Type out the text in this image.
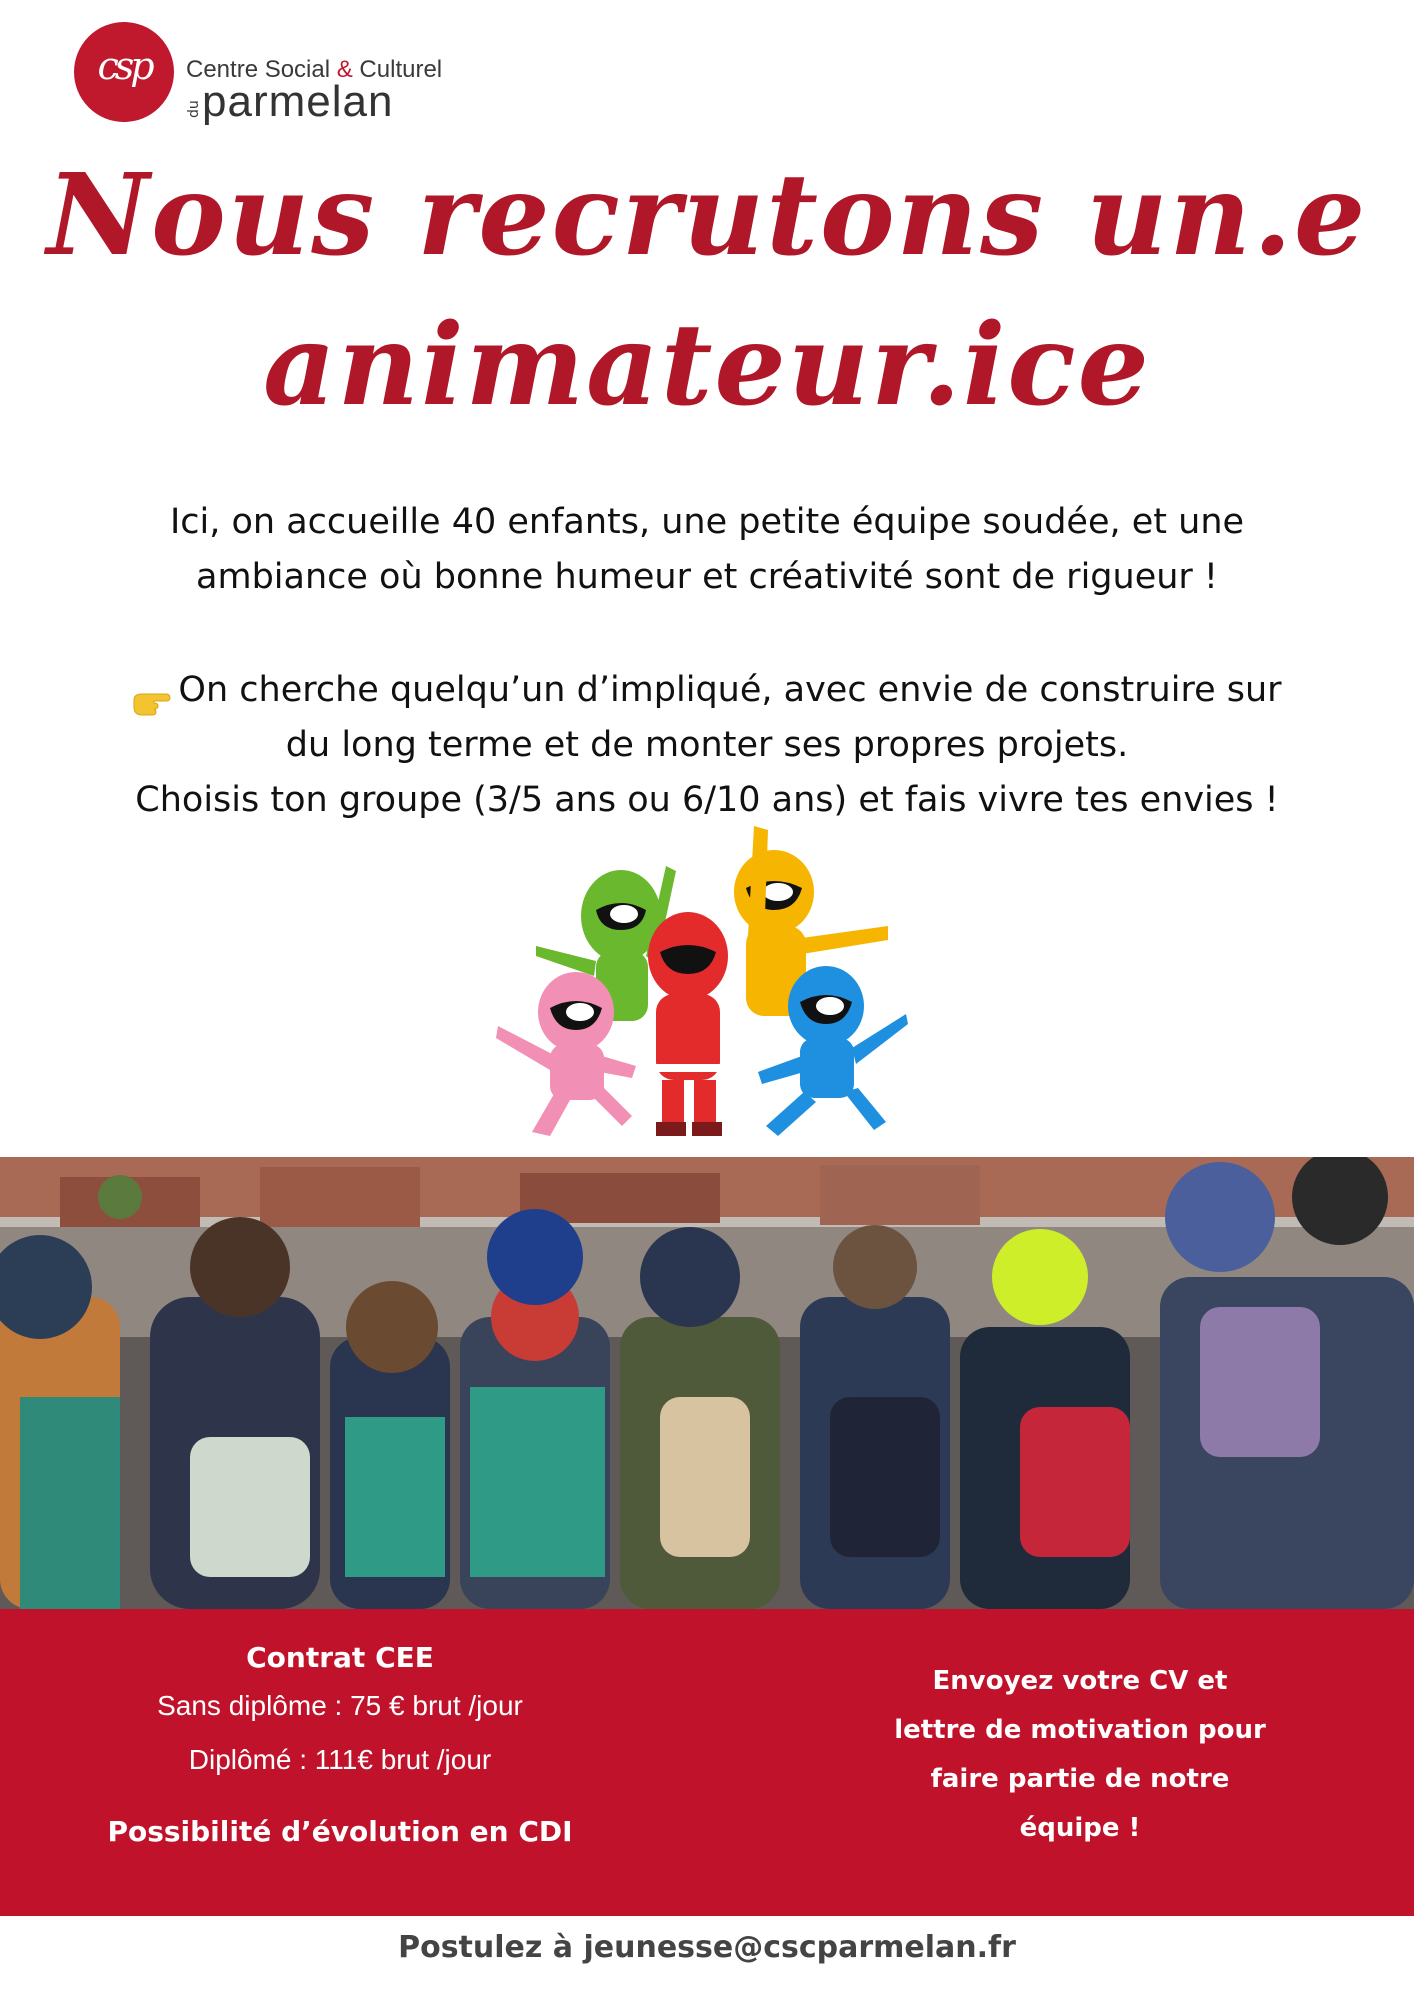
csp	Centre Social & Culturel
du parmelan
Nous recrutons un.e
animateur.ice
Ici, on accueille 40 enfants, une petite équipe soudée, et une
ambiance où bonne humeur et créativité sont de rigueur !
On cherche quelqu’un d’impliqué, avec envie de construire sur
du long terme et de monter ses propres projets.
Choisis ton groupe (3/5 ans ou 6/10 ans) et fais vivre tes envies !
Contrat CEE
Sans diplôme : 75 € brut /jour
Diplômé : 111€ brut /jour
Possibilité d’évolution en CDI
Envoyez votre CV et
lettre de motivation pour
faire partie de notre
équipe !
Postulez à jeunesse@cscparmelan.fr
